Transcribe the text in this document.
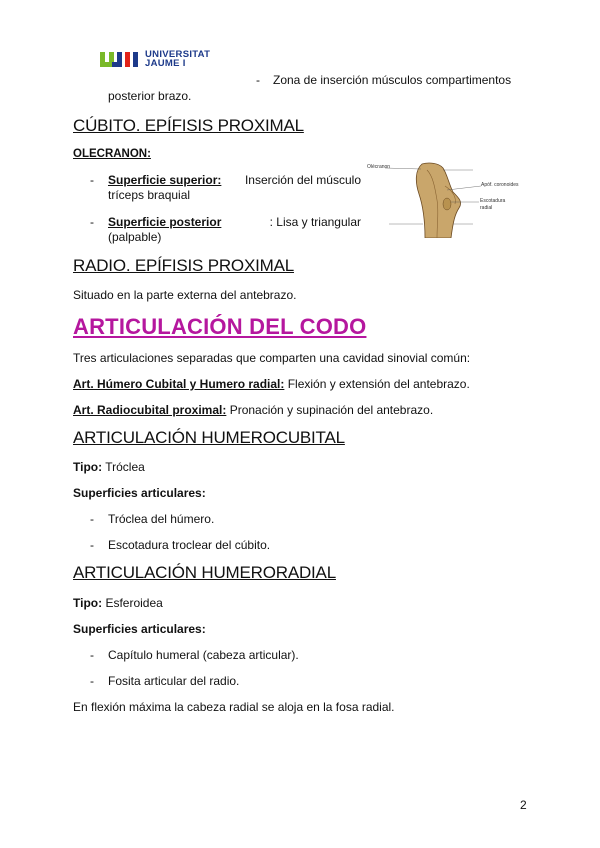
UNIVERSITAT
JAUME I
- Zona de inserción músculos compartimentos
posterior brazo.
CÚBITO. EPÍFISIS PROXIMAL
OLECRANON:
- Superficie superior: Inserción del músculo
tríceps braquial
- Superficie posterior	: Lisa y triangular
(palpable)
Olécranon
Apóf. coronoides
Escotadura
radial
RADIO. EPÍFISIS PROXIMAL
Situado en la parte externa del antebrazo.
ARTICULACIÓN DEL CODO
Tres articulaciones separadas que comparten una cavidad sinovial común:
Art. Húmero Cubital y Humero radial: Flexión y extensión del antebrazo.
Art. Radiocubital proximal: Pronación y supinación del antebrazo.
ARTICULACIÓN HUMEROCUBITAL
Tipo: Tróclea
Superficies articulares:
- Tróclea del húmero.
- Escotadura troclear del cúbito.
ARTICULACIÓN HUMERORADIAL
Tipo: Esferoidea
Superficies articulares:
- Capítulo humeral (cabeza articular).
- Fosita articular del radio.
En flexión máxima la cabeza radial se aloja en la fosa radial.
2
